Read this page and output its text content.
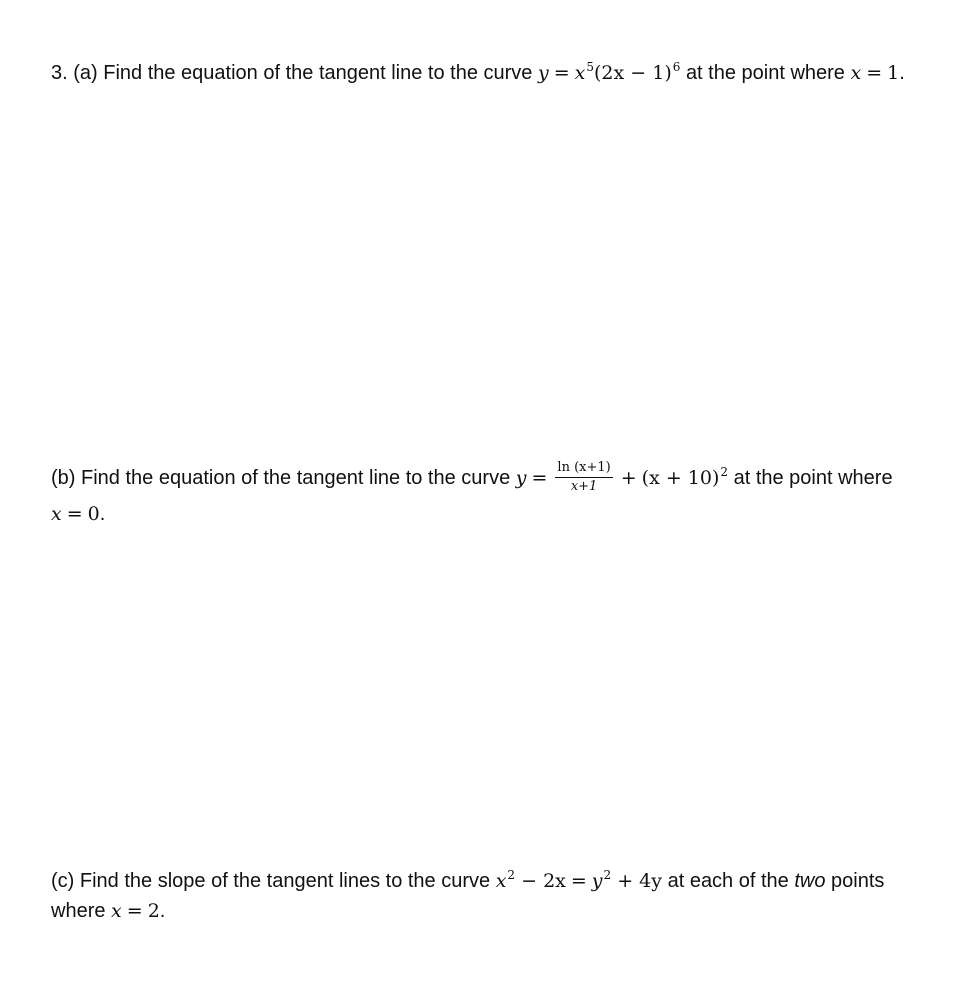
3. (a) Find the equation of the tangent line to the curve $y = x^5(2x - 1)^6$ at the point where x = 1.
(b) Find the equation of the tangent line to the curve $y = \frac{\ln (x+1)}{x+1} + (x + 10)^2$ at the point where x = 0.
(c) Find the slope of the tangent lines to the curve $x^2 - 2x = y^2 + 4y$ at each of the two points where x = 2.
